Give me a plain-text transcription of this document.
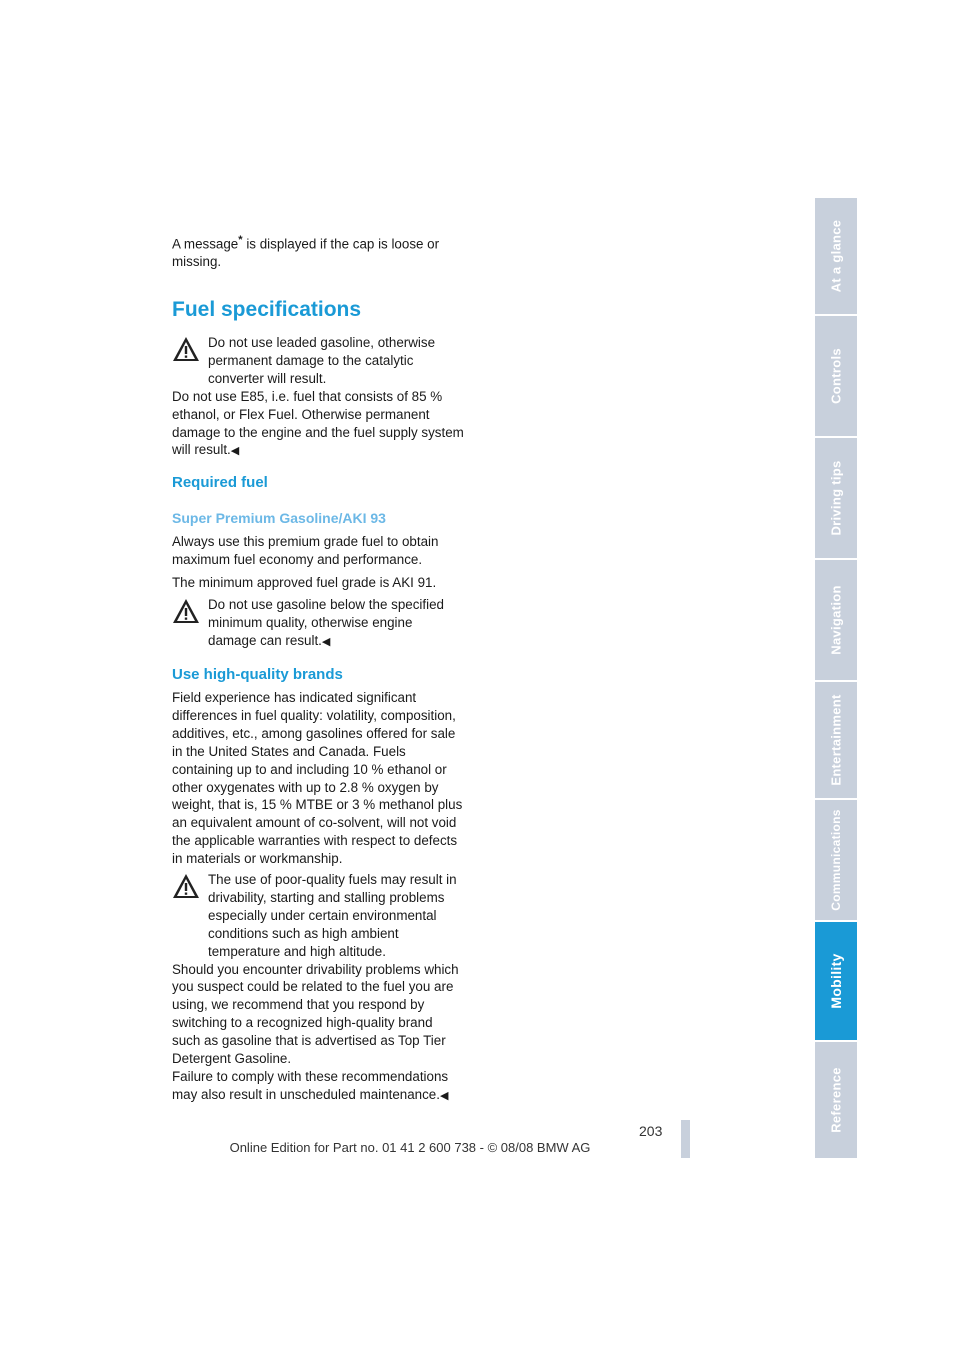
A message* is displayed if the cap is loose or missing.

Fuel specifications

Do not use leaded gasoline, otherwise permanent damage to the catalytic converter will result.

Do not use E85, i.e. fuel that consists of 85 % ethanol, or Flex Fuel. Otherwise permanent damage to the engine and the fuel supply system will result.◀

Required fuel
Super Premium Gasoline/AKI 93

Always use this premium grade fuel to obtain maximum fuel economy and performance.

The minimum approved fuel grade is AKI 91.

Do not use gasoline below the specified minimum quality, otherwise engine damage can result.◀

Use high-quality brands

Field experience has indicated significant differences in fuel quality: volatility, composition, additives, etc., among gasolines offered for sale in the United States and Canada. Fuels containing up to and including 10 % ethanol or other oxygenates with up to 2.8 % oxygen by weight, that is, 15 % MTBE or 3 % methanol plus an equivalent amount of co-solvent, will not void the applicable warranties with respect to defects in materials or workmanship.

The use of poor-quality fuels may result in drivability, starting and stalling problems especially under certain environmental conditions such as high ambient temperature and high altitude.

Should you encounter drivability problems which you suspect could be related to the fuel you are using, we recommend that you respond by switching to a recognized high-quality brand such as gasoline that is advertised as Top Tier Detergent Gasoline.

Failure to comply with these recommendations may also result in unscheduled maintenance.◀

At a glance
Controls
Driving tips
Navigation
Entertainment
Communications
Mobility
Reference
203
Online Edition for Part no. 01 41 2 600 738 - © 08/08 BMW AG
